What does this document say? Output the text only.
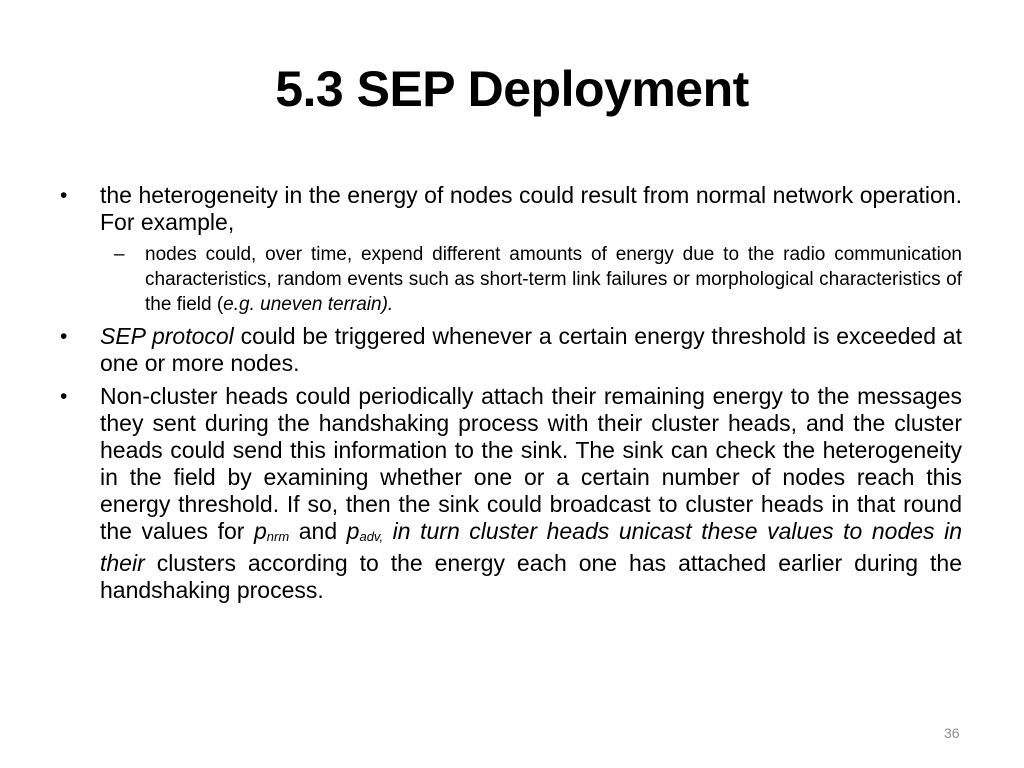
5.3 SEP Deployment
• the heterogeneity in the energy of nodes could result from normal network operation. For example,
– nodes could, over time, expend different amounts of energy due to the radio communication characteristics, random events such as short-term link failures or morphological characteristics of the field (e.g. uneven terrain).
• SEP protocol could be triggered whenever a certain energy threshold is exceeded at one or more nodes.
• Non-cluster heads could periodically attach their remaining energy to the messages they sent during the handshaking process with their cluster heads, and the cluster heads could send this information to the sink. The sink can check the heterogeneity in the field by examining whether one or a certain number of nodes reach this energy threshold. If so, then the sink could broadcast to cluster heads in that round the values for pnrm and padv, in turn cluster heads unicast these values to nodes in their clusters according to the energy each one has attached earlier during the handshaking process.
36
